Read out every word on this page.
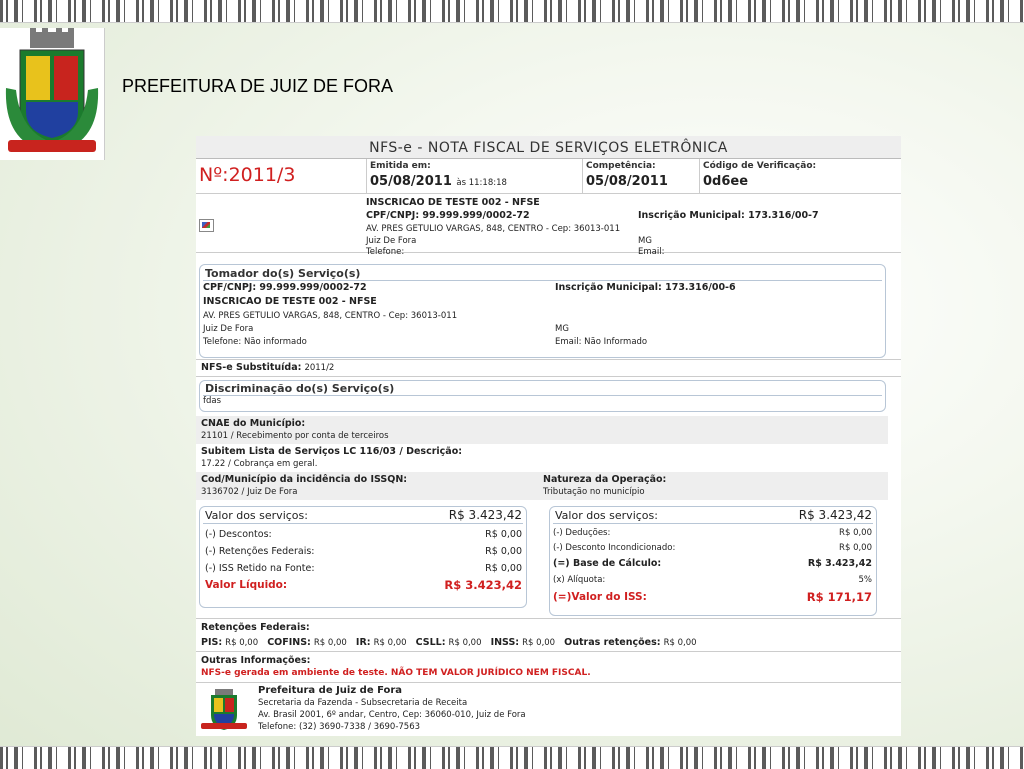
PREFEITURA DE JUIZ DE FORA
NFS-e - NOTA FISCAL DE SERVIÇOS ELETRÔNICA
Nº:2011/3	Emitida em:
05/08/2011 às 11:18:18
Competência:
05/08/2011
Código de Verificação:
0d6ee
INSCRICAO DE TESTE 002 - NFSE
CPF/CNPJ: 99.999.999/0002-72	Inscrição Municipal: 173.316/00-7
AV. PRES GETULIO VARGAS, 848, CENTRO - Cep: 36013-011
Juiz De Fora	MG
Telefone:	Email:
Tomador do(s) Serviço(s)
CPF/CNPJ: 99.999.999/0002-72	Inscrição Municipal: 173.316/00-6
INSCRICAO DE TESTE 002 - NFSE
AV. PRES GETULIO VARGAS, 848, CENTRO - Cep: 36013-011
Juiz De Fora	MG
Telefone: Não informado	Email: Não Informado
NFS-e Substituída: 2011/2
Discriminação do(s) Serviço(s)
fdas
CNAE do Município:
21101 / Recebimento por conta de terceiros
Subitem Lista de Serviços LC 116/03 / Descrição:
17.22 / Cobrança em geral.
Cod/Município da incidência do ISSQN:
3136702 / Juiz De Fora
Natureza da Operação:
Tributação no município
Valor dos serviços:	R$ 3.423,42
(-) Descontos:	R$ 0,00
(-) Retenções Federais:	R$ 0,00
(-) ISS Retido na Fonte:	R$ 0,00
Valor Líquido:	R$ 3.423,42
Valor dos serviços:	R$ 3.423,42
(-) Deduções:	R$ 0,00
(-) Desconto Incondicionado:	R$ 0,00
(=) Base de Cálculo:	R$ 3.423,42
(x) Alíquota:	5%
(=)Valor do ISS:	R$ 171,17
Retenções Federais:
PIS: R$ 0,00 COFINS: R$ 0,00 IR: R$ 0,00 CSLL: R$ 0,00 INSS: R$ 0,00 Outras retenções: R$ 0,00
Outras Informações:
NFS-e gerada em ambiente de teste. NÃO TEM VALOR JURÍDICO NEM FISCAL.
Prefeitura de Juiz de Fora
Secretaria da Fazenda - Subsecretaria de Receita
Av. Brasil 2001, 6º andar, Centro, Cep: 36060-010, Juiz de Fora
Telefone: (32) 3690-7338 / 3690-7563
